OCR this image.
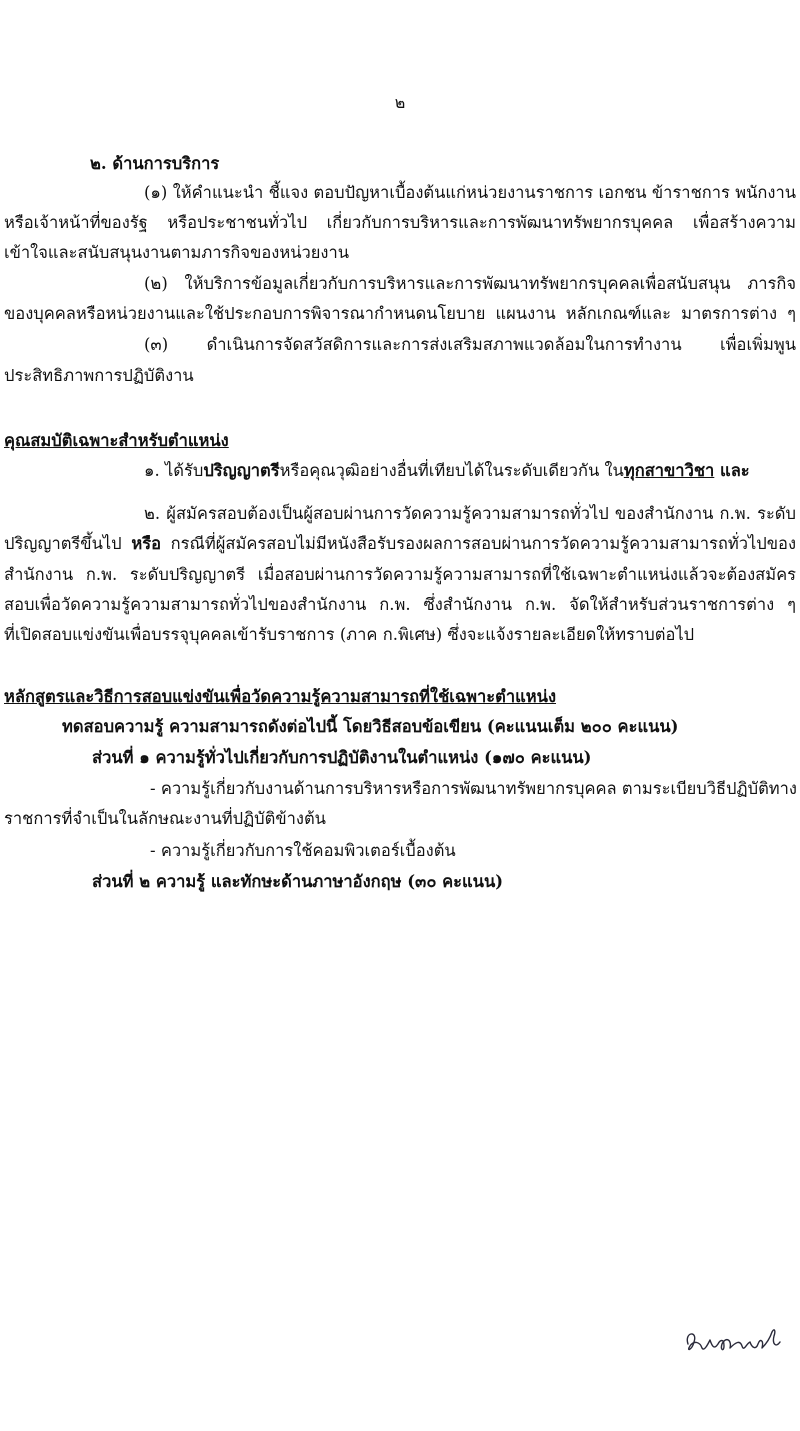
๒
๒. ด้านการบริการ
(๑) ให้คำแนะนำ ชี้แจง ตอบปัญหาเบื้องต้นแก่หน่วยงานราชการ เอกชน ข้าราชการ พนักงาน
หรือเจ้าหน้าที่ของรัฐ หรือประชาชนทั่วไป เกี่ยวกับการบริหารและการพัฒนาทรัพยากรบุคคล เพื่อสร้างความ
เข้าใจและสนับสนุนงานตามภารกิจของหน่วยงาน
(๒) ให้บริการข้อมูลเกี่ยวกับการบริหารและการพัฒนาทรัพยากรบุคคลเพื่อสนับสนุน ภารกิจ
ของบุคคลหรือหน่วยงานและใช้ประกอบการพิจารณากำหนดนโยบาย แผนงาน หลักเกณฑ์และ มาตรการต่าง ๆ
(๓) ดำเนินการจัดสวัสดิการและการส่งเสริมสภาพแวดล้อมในการทำงาน เพื่อเพิ่มพูน
ประสิทธิภาพการปฏิบัติงาน
คุณสมบัติเฉพาะสำหรับตำแหน่ง
๑. ได้รับปริญญาตรีหรือคุณวุฒิอย่างอื่นที่เทียบได้ในระดับเดียวกัน ในทุกสาขาวิชา และ
๒. ผู้สมัครสอบต้องเป็นผู้สอบผ่านการวัดความรู้ความสามารถทั่วไป ของสำนักงาน ก.พ. ระดับ
ปริญญาตรีขึ้นไป หรือ กรณีที่ผู้สมัครสอบไม่มีหนังสือรับรองผลการสอบผ่านการวัดความรู้ความสามารถทั่วไปของ
สำนักงาน ก.พ. ระดับปริญญาตรี เมื่อสอบผ่านการวัดความรู้ความสามารถที่ใช้เฉพาะตำแหน่งแล้วจะต้องสมัคร
สอบเพื่อวัดความรู้ความสามารถทั่วไปของสำนักงาน ก.พ. ซึ่งสำนักงาน ก.พ. จัดให้สำหรับส่วนราชการต่าง ๆ
ที่เปิดสอบแข่งขันเพื่อบรรจุบุคคลเข้ารับราชการ (ภาค ก.พิเศษ) ซึ่งจะแจ้งรายละเอียดให้ทราบต่อไป
หลักสูตรและวิธีการสอบแข่งขันเพื่อวัดความรู้ความสามารถที่ใช้เฉพาะตำแหน่ง
ทดสอบความรู้ ความสามารถดังต่อไปนี้ โดยวิธีสอบข้อเขียน (คะแนนเต็ม ๒๐๐ คะแนน)
ส่วนที่ ๑ ความรู้ทั่วไปเกี่ยวกับการปฏิบัติงานในตำแหน่ง (๑๗๐ คะแนน)
- ความรู้เกี่ยวกับงานด้านการบริหารหรือการพัฒนาทรัพยากรบุคคล ตามระเบียบวิธีปฏิบัติทาง
ราชการที่จำเป็นในลักษณะงานที่ปฏิบัติข้างต้น
- ความรู้เกี่ยวกับการใช้คอมพิวเตอร์เบื้องต้น
ส่วนที่ ๒ ความรู้ และทักษะด้านภาษาอังกฤษ (๓๐ คะแนน)
